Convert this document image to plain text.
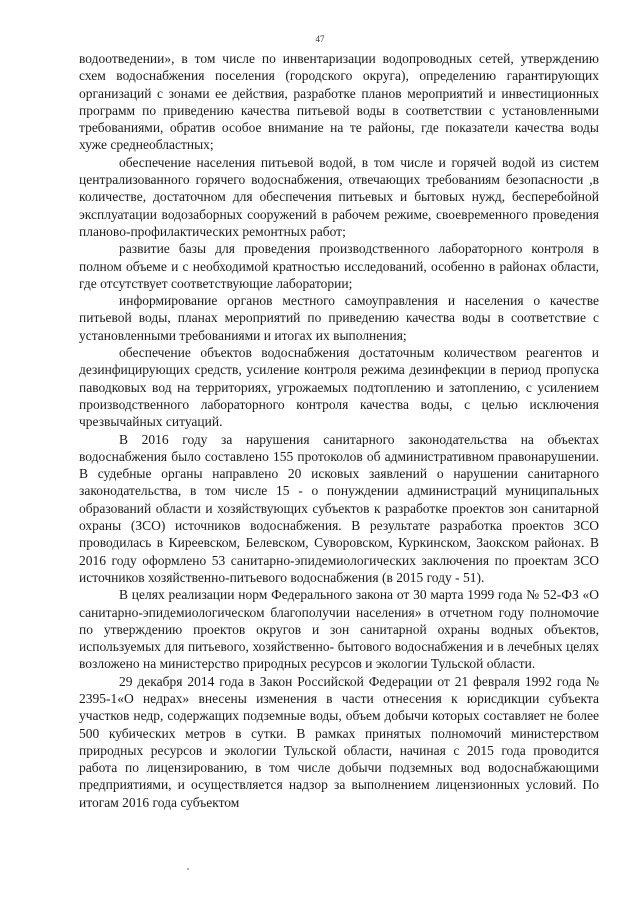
47

водоотведении», в том числе по инвентаризации водопроводных сетей, утверждению схем водоснабжения поселения (городского округа), определению гарантирующих организаций с зонами ее действия, разработке планов мероприятий и инвестиционных программ по приведению качества питьевой воды в соответствии с установленными требованиями, обратив особое внимание на те районы, где показатели качества воды хуже среднеобластных;

обеспечение населения питьевой водой, в том числе и горячей водой из систем централизованного горячего водоснабжения, отвечающих требованиям безопасности ,в количестве, достаточном для обеспечения питьевых и бытовых нужд, бесперебойной эксплуатации водозаборных сооружений в рабочем режиме, своевременного проведения планово-профилактических ремонтных работ;

развитие базы для проведения производственного лабораторного контроля в полном объеме и с необходимой кратностью исследований, особенно в районах области, где отсутствует соответствующие лаборатории;

информирование органов местного самоуправления и населения о качестве питьевой воды, планах мероприятий по приведению качества воды в соответствие с установленными требованиями и итогах их выполнения;

обеспечение объектов водоснабжения достаточным количеством реагентов и дезинфицирующих средств, усиление контроля режима дезинфекции в период пропуска паводковых вод на территориях, угрожаемых подтоплению и затоплению, с усилением производственного лабораторного контроля качества воды, с целью исключения чрезвычайных ситуаций.

В 2016 году за нарушения санитарного законодательства на объектах водоснабжения было составлено 155 протоколов об административном правонарушении. В судебные органы направлено 20 исковых заявлений о нарушении санитарного законодательства, в том числе 15 - о понуждении администраций муниципальных образований области и хозяйствующих субъектов к разработке проектов зон санитарной охраны (ЗСО) источников водоснабжения. В результате разработка проектов ЗСО проводилась в Киреевском, Белевском, Суворовском, Куркинском, Заокском районах. В 2016 году оформлено 53 санитарно-эпидемиологических заключения по проектам ЗСО источников хозяйственно-питьевого водоснабжения (в 2015 году - 51).

В целях реализации норм Федерального закона от 30 марта 1999 года № 52-ФЗ «О санитарно-эпидемиологическом благополучии населения» в отчетном году полномочие по утверждению проектов округов и зон санитарной охраны водных объектов, используемых для питьевого, хозяйственно- бытового водоснабжения и в лечебных целях возложено на министерство природных ресурсов и экологии Тульской области.

29 декабря 2014 года в Закон Российской Федерации от 21 февраля 1992 года № 2395-1«О недрах» внесены изменения в части отнесения к юрисдикции субъекта участков недр, содержащих подземные воды, объем добычи которых составляет не более 500 кубических метров в сутки. В рамках принятых полномочий министерством природных ресурсов и экологии Тульской области, начиная с 2015 года проводится работа по лицензированию, в том числе добычи подземных вод водоснабжающими предприятиями, и осуществляется надзор за выполнением лицензионных условий. По итогам 2016 года субъектом
